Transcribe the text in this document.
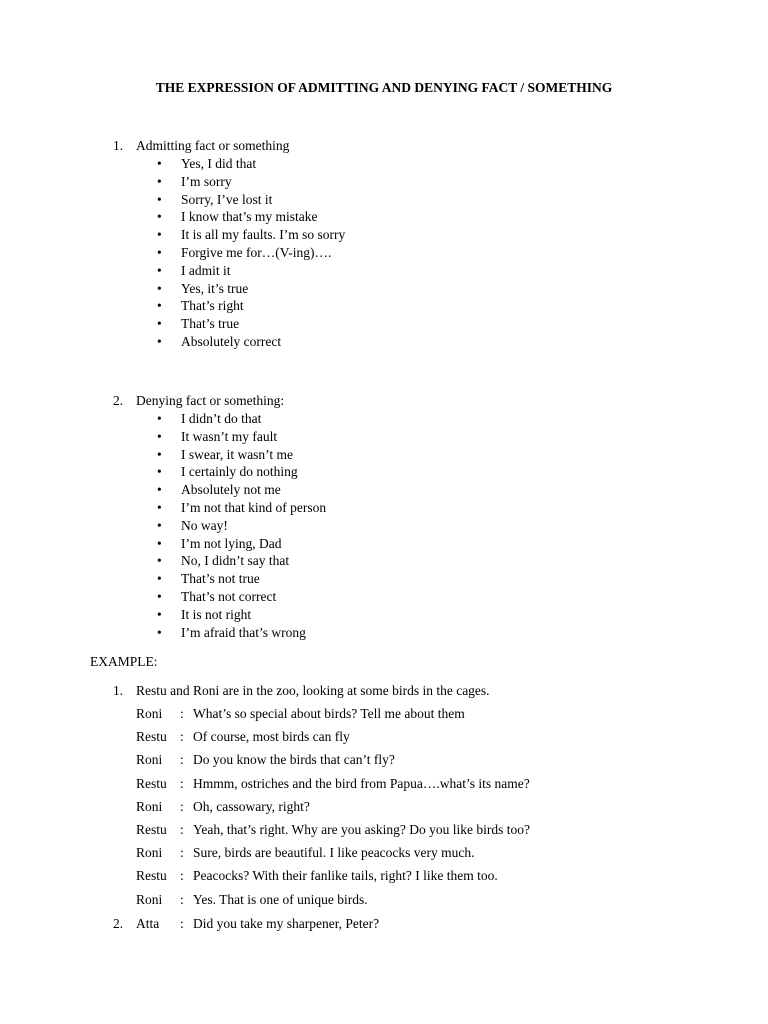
THE EXPRESSION OF ADMITTING AND DENYING FACT / SOMETHING
1. Admitting fact or something
• Yes, I did that
• I’m sorry
• Sorry, I’ve lost it
• I know that’s my mistake
• It is all my faults. I’m so sorry
• Forgive me for…(V-ing)….
• I admit it
• Yes, it’s true
• That’s right
• That’s true
• Absolutely correct
2. Denying fact or something:
• I didn’t do that
• It wasn’t my fault
• I swear, it wasn’t me
• I certainly do nothing
• Absolutely not me
• I’m not that kind of person
• No way!
• I’m not lying, Dad
• No, I didn’t say that
• That’s not true
• That’s not correct
• It is not right
• I’m afraid that’s wrong
EXAMPLE:
1. Restu and Roni are in the zoo, looking at some birds in the cages.
Roni : What’s so special about birds? Tell me about them
Restu : Of course, most birds can fly
Roni : Do you know the birds that can’t fly?
Restu : Hmmm, ostriches and the bird from Papua….what’s its name?
Roni : Oh, cassowary, right?
Restu : Yeah, that’s right. Why are you asking? Do you like birds too?
Roni : Sure, birds are beautiful. I like peacocks very much.
Restu : Peacocks? With their fanlike tails, right? I like them too.
Roni : Yes. That is one of unique birds.
2. Atta : Did you take my sharpener, Peter?
